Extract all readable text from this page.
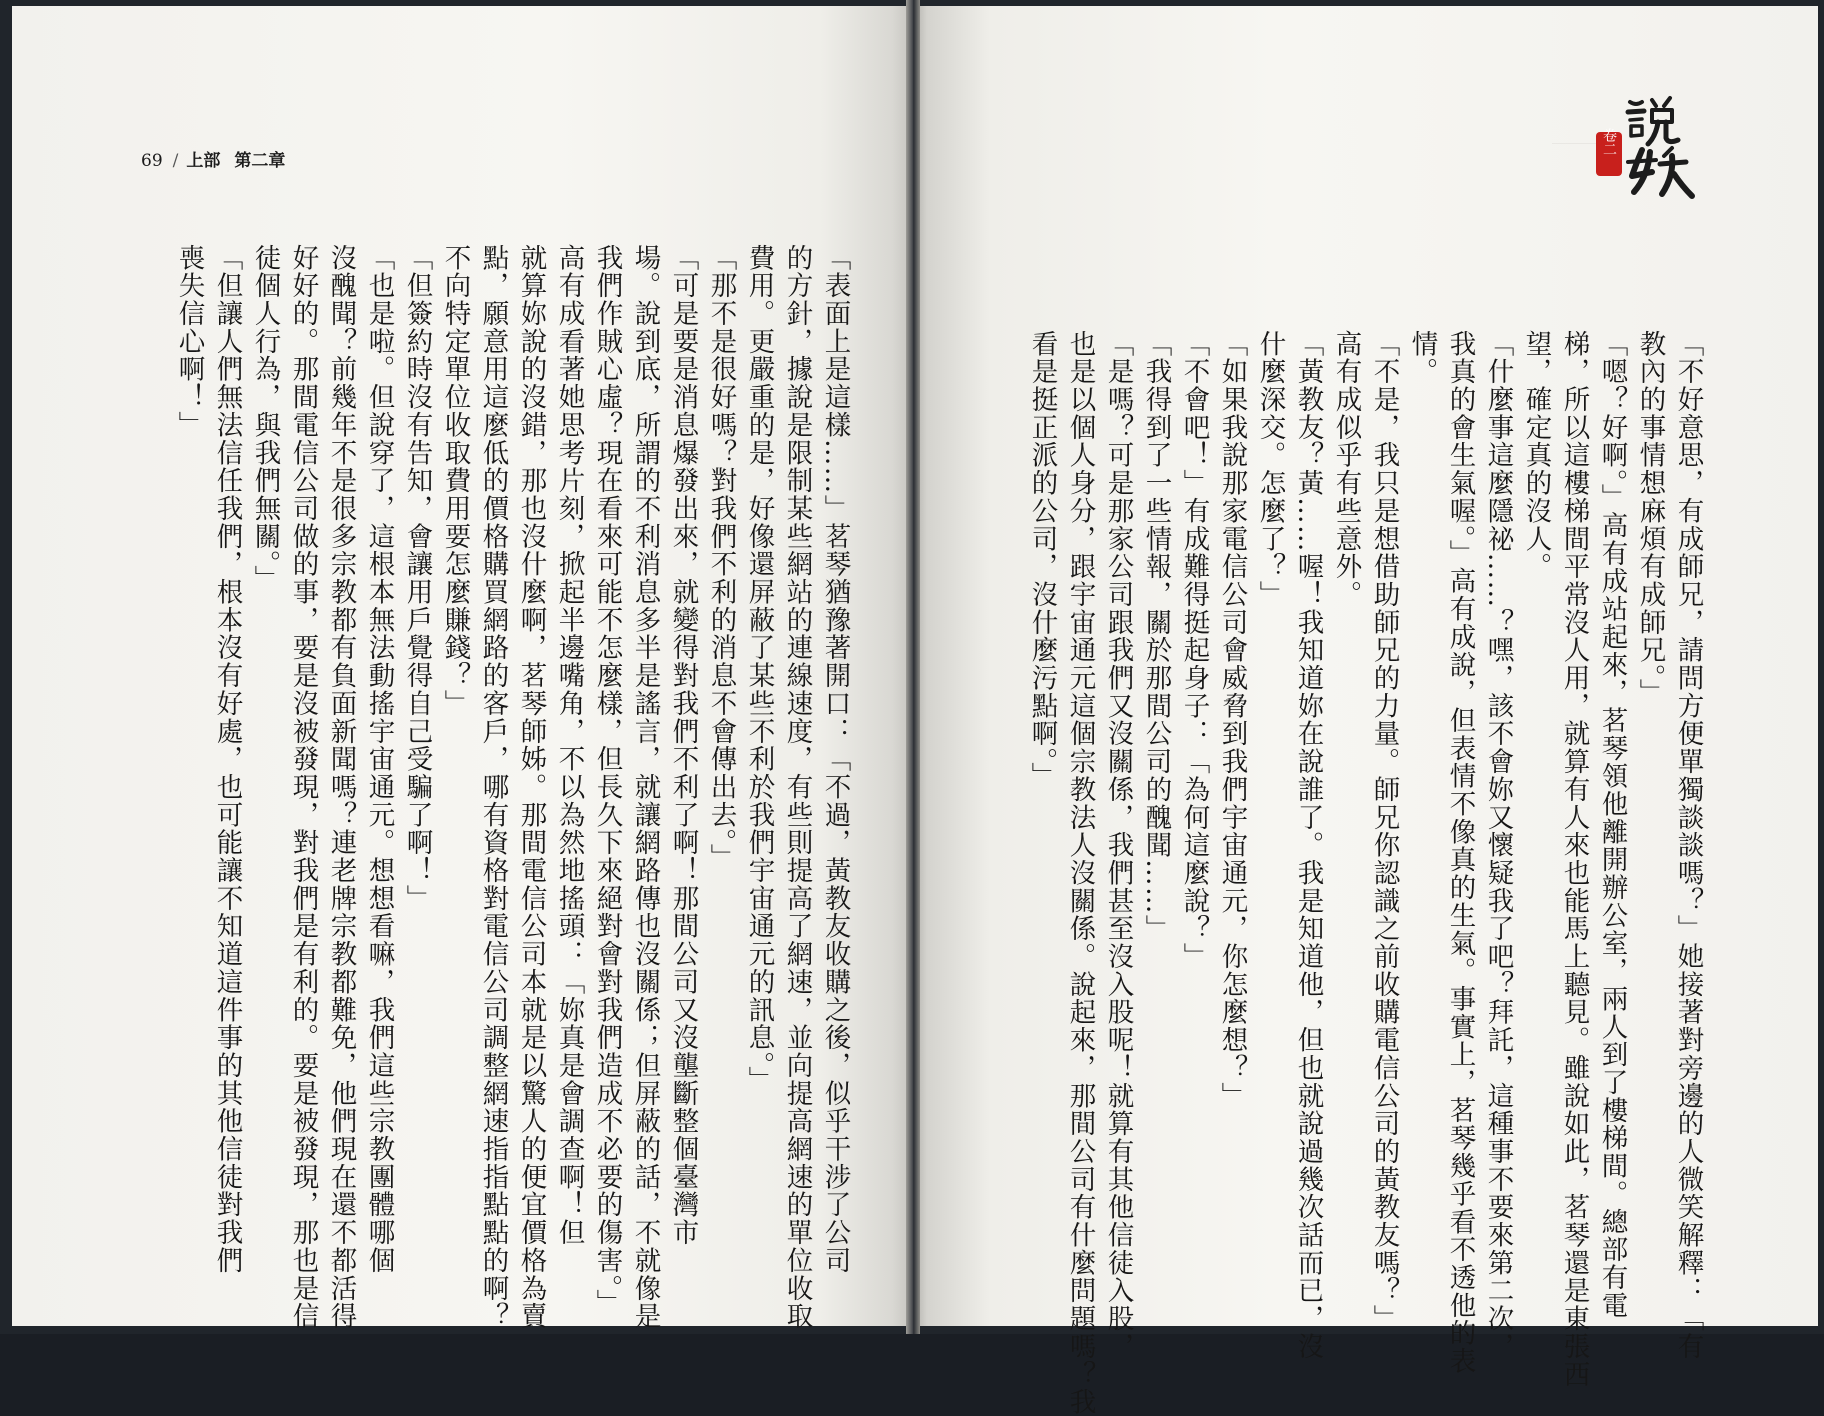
69 / 上部 第二章
卷二
「不好意思，有成師兄，請問方便單獨談談嗎？」她接著對旁邊的人微笑解釋：「有
教內的事情想麻煩有成師兄。」
「嗯？好啊。」高有成站起來，茗琴領他離開辦公室，兩人到了樓梯間。總部有電
梯，所以這樓梯間平常沒人用，就算有人來也能馬上聽見。雖說如此，茗琴還是東張西
望，確定真的沒人。
「什麼事這麼隱祕……？嘿，該不會妳又懷疑我了吧？拜託，這種事不要來第二次，
我真的會生氣喔。」高有成說，但表情不像真的生氣。事實上，茗琴幾乎看不透他的表
情。
「不是，我只是想借助師兄的力量。師兄你認識之前收購電信公司的黃教友嗎？」
高有成似乎有些意外。
「黃教友？黃……喔！我知道妳在說誰了。我是知道他，但也就說過幾次話而已，沒
什麼深交。怎麼了？」
「如果我說那家電信公司會威脅到我們宇宙通元，你怎麼想？」
「不會吧！」有成難得挺起身子：「為何這麼說？」
「我得到了一些情報，關於那間公司的醜聞……」
「是嗎？可是那家公司跟我們又沒關係，我們甚至沒入股呢！就算有其他信徒入股，
也是以個人身分，跟宇宙通元這個宗教法人沒關係。說起來，那間公司有什麼問題嗎？我
看是挺正派的公司，沒什麼污點啊。」
「表面上是這樣……」茗琴猶豫著開口：「不過，黃教友收購之後，似乎干涉了公司
的方針，據說是限制某些網站的連線速度，有些則提高了網速，並向提高網速的單位收取
費用。更嚴重的是，好像還屏蔽了某些不利於我們宇宙通元的訊息。」
「那不是很好嗎？對我們不利的消息不會傳出去。」
「可是要是消息爆發出來，就變得對我們不利了啊！那間公司又沒壟斷整個臺灣市
場。說到底，所謂的不利消息多半是謠言，就讓網路傳也沒關係；但屏蔽的話，不就像是
我們作賊心虛？現在看來可能不怎麼樣，但長久下來絕對會對我們造成不必要的傷害。」
高有成看著她思考片刻，掀起半邊嘴角，不以為然地搖頭：「妳真是會調查啊！但
就算妳說的沒錯，那也沒什麼啊，茗琴師姊。那間電信公司本就是以驚人的便宜價格為賣
點，願意用這麼低的價格購買網路的客戶，哪有資格對電信公司調整網速指指點點的啊？
不向特定單位收取費用要怎麼賺錢？」
「但簽約時沒有告知，會讓用戶覺得自己受騙了啊！」
「也是啦。但說穿了，這根本無法動搖宇宙通元。想想看嘛，我們這些宗教團體哪個
沒醜聞？前幾年不是很多宗教都有負面新聞嗎？連老牌宗教都難免，他們現在還不都活得
好好的。那間電信公司做的事，要是沒被發現，對我們是有利的。要是被發現，那也是信
徒個人行為，與我們無關。」
「但讓人們無法信任我們，根本沒有好處，也可能讓不知道這件事的其他信徒對我們
喪失信心啊！」
